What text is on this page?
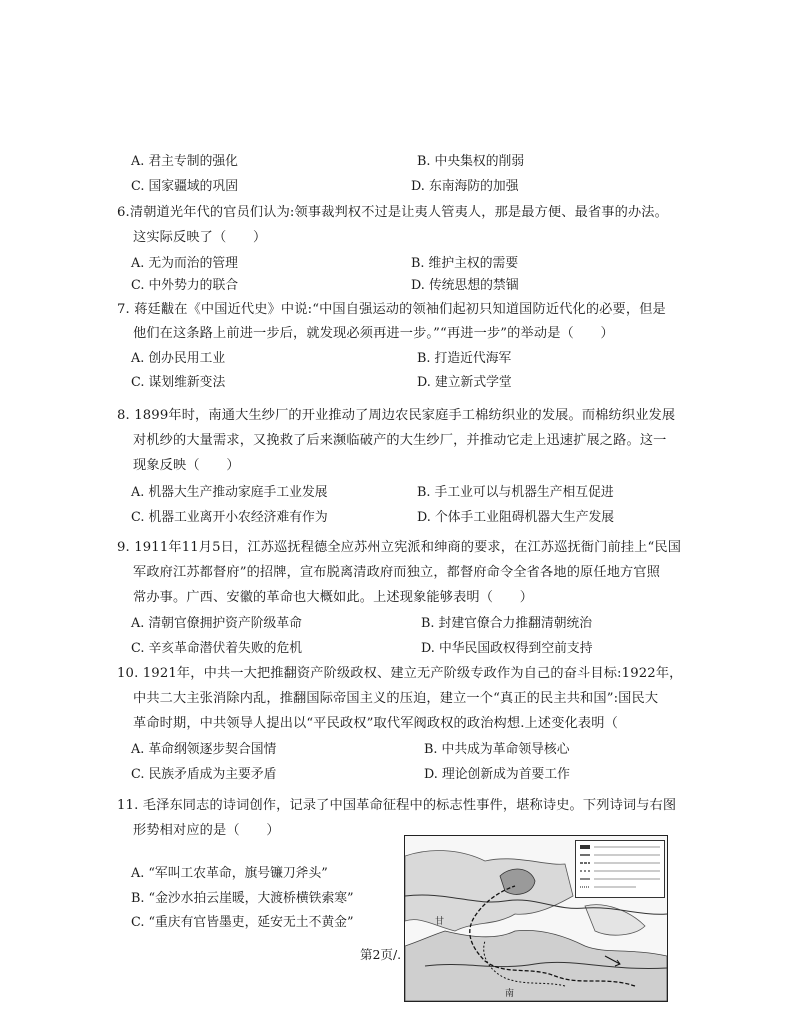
A. 君主专制的强化	B. 中央集权的削弱
C. 国家疆域的巩固	D. 东南海防的加强
6.清朝道光年代的官员们认为:领事裁判权不过是让夷人管夷人，那是最方便、最省事的办法。
这实际反映了（　　）
A. 无为而治的管理	B. 维护主权的需要
C. 中外势力的联合	D. 传统思想的禁锢
7. 蒋廷黻在《中国近代史》中说:“中国自强运动的领袖们起初只知道国防近代化的必要，但是
他们在这条路上前进一步后，就发现必须再进一步。”“再进一步”的举动是（　　）
A. 创办民用工业	B. 打造近代海军
C. 谋划维新变法	D. 建立新式学堂
8. 1899年时，南通大生纱厂的开业推动了周边农民家庭手工棉纺织业的发展。而棉纺织业发展
对机纱的大量需求，又挽救了后来濒临破产的大生纱厂，并推动它走上迅速扩展之路。这一
现象反映（　　）
A. 机器大生产推动家庭手工业发展	B. 手工业可以与机器生产相互促进
C. 机器工业离开小农经济难有作为	D. 个体手工业阻碍机器大生产发展
9. 1911年11月5日，江苏巡抚程德全应苏州立宪派和绅商的要求，在江苏巡抚衙门前挂上“民国
军政府江苏都督府”的招牌，宣布脱离清政府而独立，都督府命令全省各地的原任地方官照
常办事。广西、安徽的革命也大概如此。上述现象能够表明（　　）
A. 清朝官僚拥护资产阶级革命	B. 封建官僚合力推翻清朝统治
C. 辛亥革命潜伏着失败的危机	D. 中华民国政权得到空前支持
10. 1921年，中共一大把推翻资产阶级政权、建立无产阶级专政作为自己的奋斗目标:1922年，
中共二大主张消除内乱，推翻国际帝国主义的压迫，建立一个“真正的民主共和国”:国民大
革命时期，中共领导人提出以“平民政权”取代军阀政权的政治构想.上述变化表明（
A. 革命纲领逐步契合国情	B. 中共成为革命领导核心
C. 民族矛盾成为主要矛盾	D. 理论创新成为首要工作
11. 毛泽东同志的诗词创作，记录了中国革命征程中的标志性事件，堪称诗史。下列诗词与右图
形势相对应的是（　　）
A. “军叫工农革命，旗号镰刀斧头”
B. “金沙水拍云崖暖，大渡桥横铁索寒”
C. “重庆有官皆墨吏，延安无土不黄金”	甘
南
第2页/.
